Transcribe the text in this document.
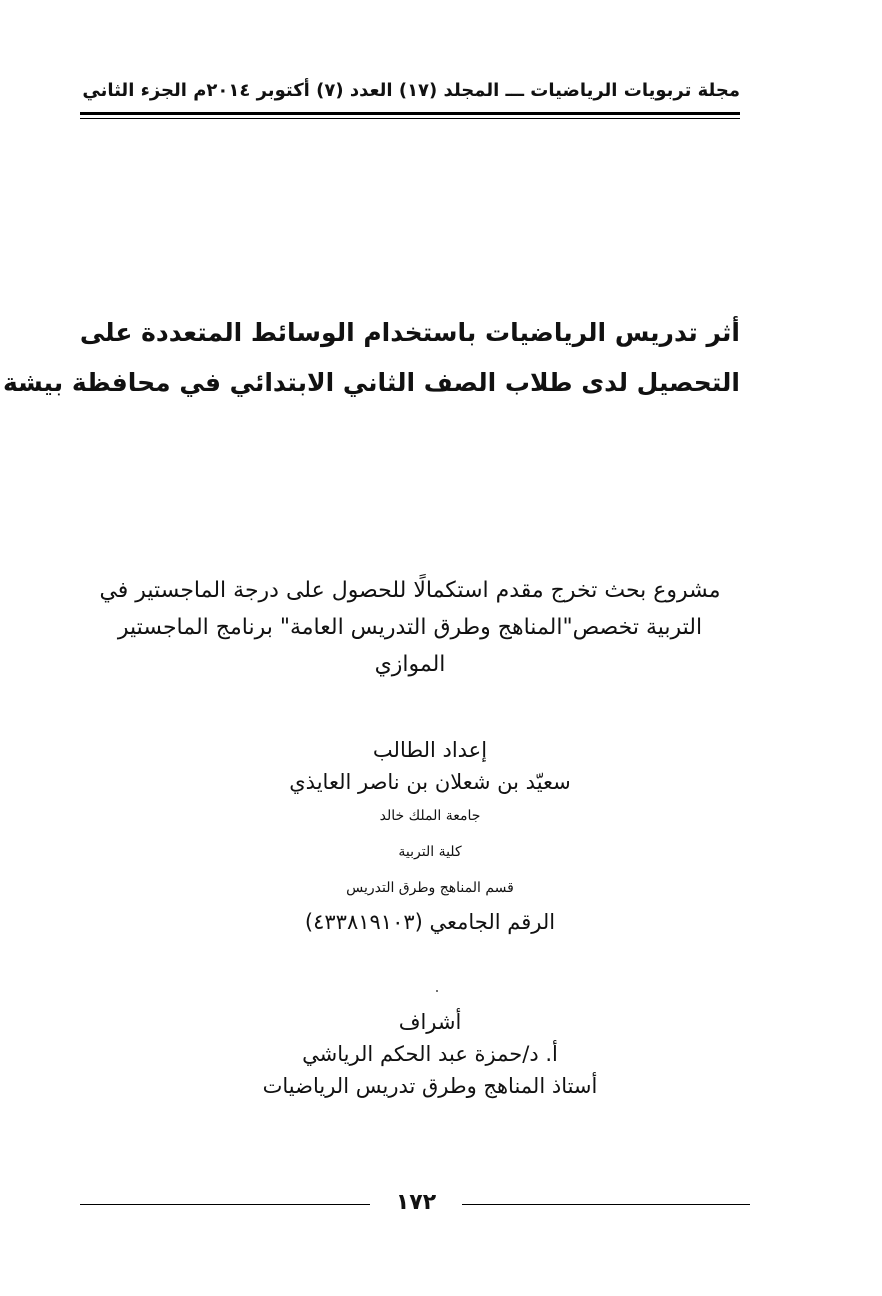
مجلة تربويات الرياضيات ـــ المجلد (١٧) العدد (٧) أكتوبر ٢٠١٤م الجزء الثاني
أثر تدريس الرياضيات باستخدام الوسائط المتعددة على
التحصيل لدى طلاب الصف الثاني الابتدائي في محافظة بيشة
مشروع بحث تخرج مقدم استكمالًا للحصول على درجة الماجستير في التربية تخصص"المناهج وطرق التدريس العامة" برنامج الماجستير الموازي
إعداد الطالب
سعيّد بن شعلان بن ناصر العايذي
جامعة الملك خالد
كلية التربية
قسم المناهج وطرق التدريس
الرقم الجامعي (٤٣٣٨١٩١٠٣)
أشراف
أ. د/حمزة عبد الحكم الرياشي
أستاذ المناهج وطرق تدريس الرياضيات
١٧٢
